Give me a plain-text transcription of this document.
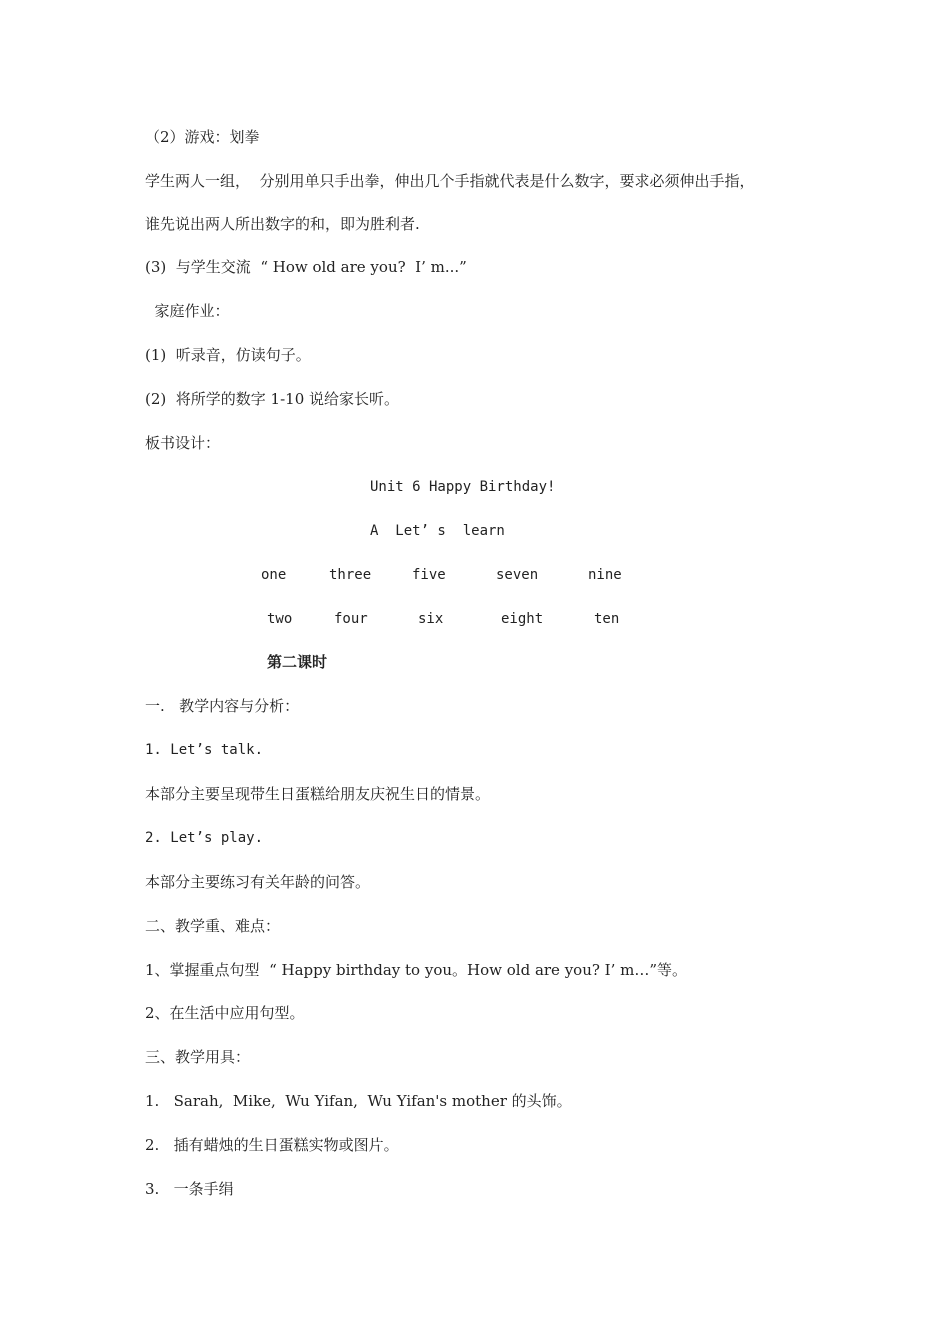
（2）游戏：划拳
学生两人一组，  分别用单只手出拳，伸出几个手指就代表是什么数字，要求必须伸出手指，
谁先说出两人所出数字的和，即为胜利者.
(3)  与学生交流  “ How old are you?  I’ m...”
家庭作业：
(1)  听录音，仿读句子。
(2)  将所学的数字 1-10 说给家长听。
板书设计：
Unit 6 Happy Birthday!
A  Let’ s  learn
one	three	five	seven	nine
two	four	six	eight	ten
第二课时
一.   教学内容与分析：
1. Let’s talk.
本部分主要呈现带生日蛋糕给朋友庆祝生日的情景。
2. Let’s play.
本部分主要练习有关年龄的问答。
二、教学重、难点：
1、掌握重点句型  “ Happy birthday to you。How old are you? I’ m…”等。
2、在生活中应用句型。
三、教学用具：
1.   Sarah,  Mike,  Wu Yifan,  Wu Yifan's mother 的头饰。
2.   插有蜡烛的生日蛋糕实物或图片。
3.   一条手绢
